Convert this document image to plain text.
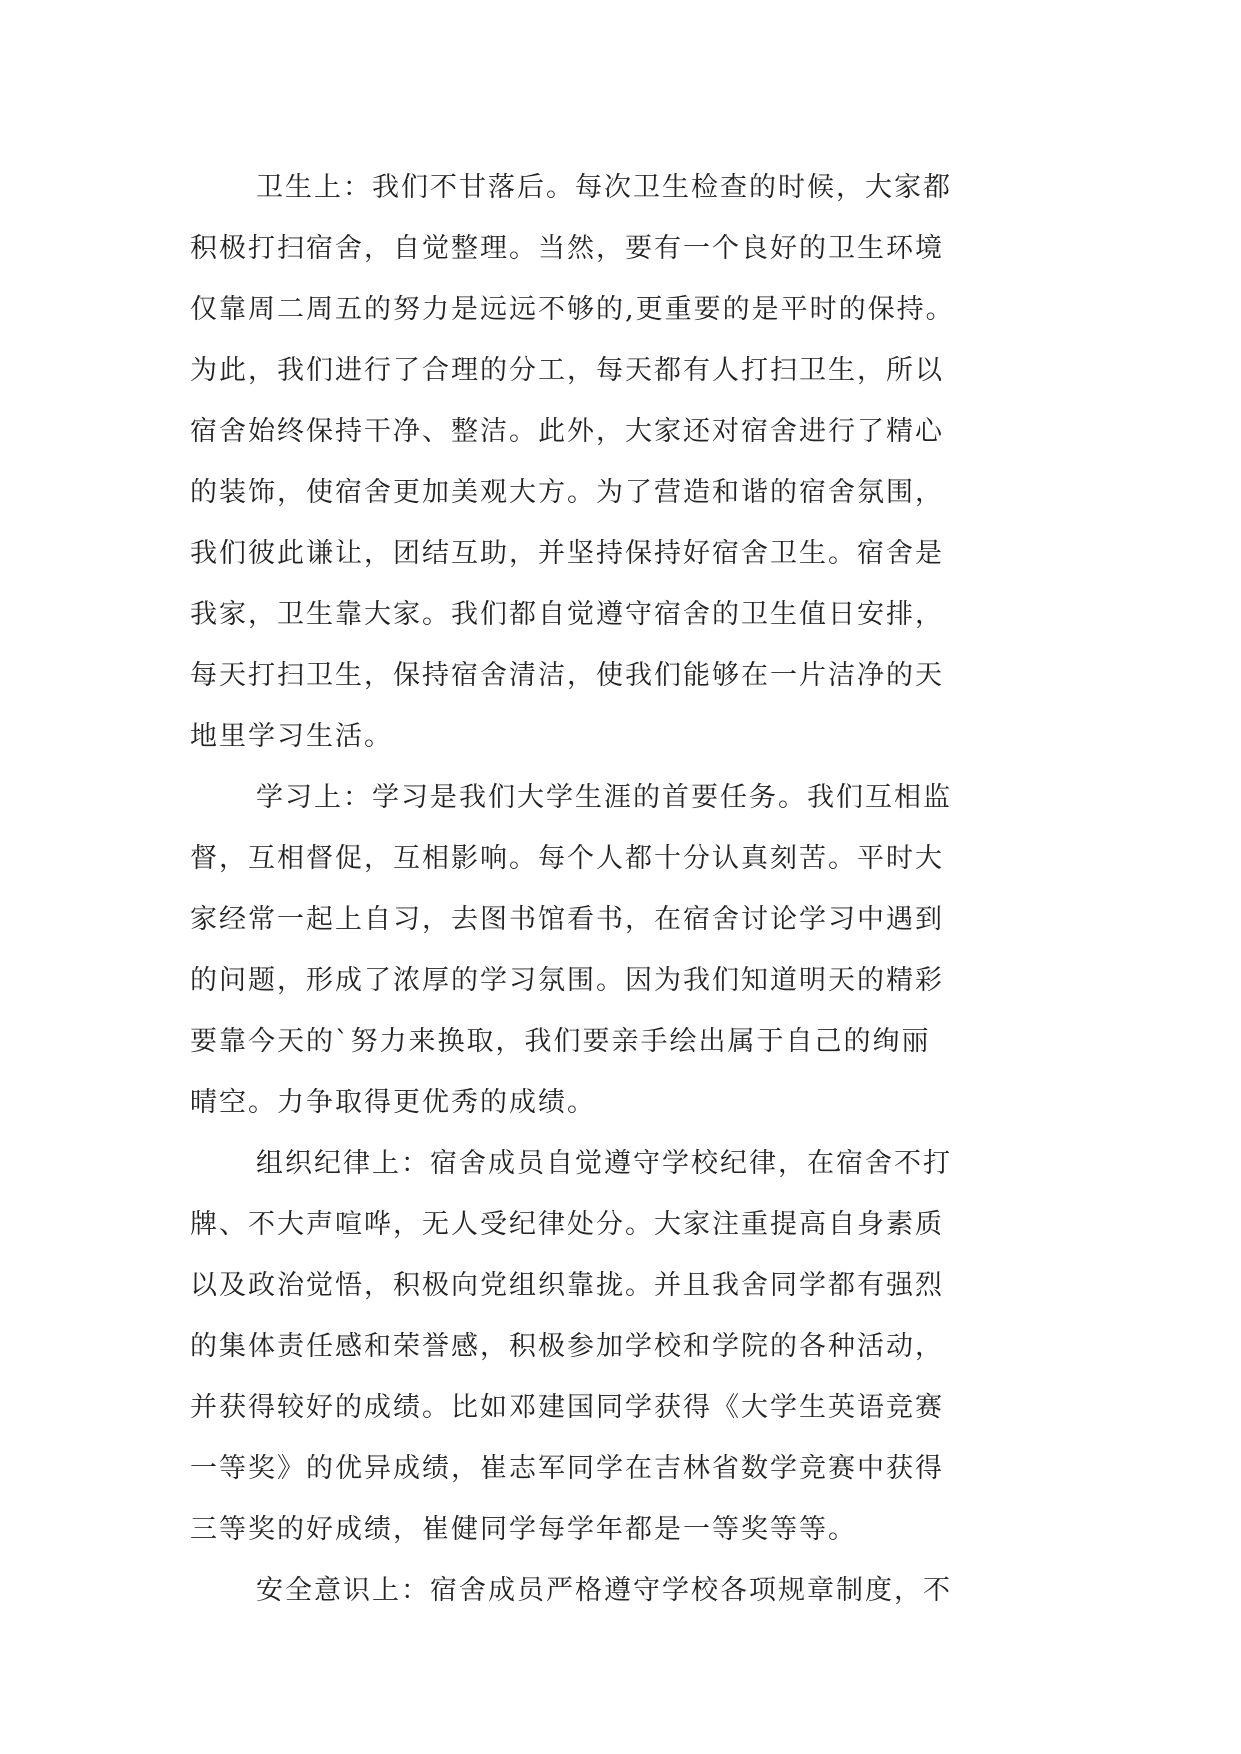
卫生上：我们不甘落后。每次卫生检查的时候，大家都
积极打扫宿舍，自觉整理。当然，要有一个良好的卫生环境
仅靠周二周五的努力是远远不够的,更重要的是平时的保持。
为此，我们进行了合理的分工，每天都有人打扫卫生，所以
宿舍始终保持干净、整洁。此外，大家还对宿舍进行了精心
的装饰，使宿舍更加美观大方。为了营造和谐的宿舍氛围，
我们彼此谦让，团结互助，并坚持保持好宿舍卫生。宿舍是
我家，卫生靠大家。我们都自觉遵守宿舍的卫生值日安排，
每天打扫卫生，保持宿舍清洁，使我们能够在一片洁净的天
地里学习生活。
学习上：学习是我们大学生涯的首要任务。我们互相监
督，互相督促，互相影响。每个人都十分认真刻苦。平时大
家经常一起上自习，去图书馆看书，在宿舍讨论学习中遇到
的问题，形成了浓厚的学习氛围。因为我们知道明天的精彩
要靠今天的`努力来换取，我们要亲手绘出属于自己的绚丽
晴空。力争取得更优秀的成绩。
组织纪律上：宿舍成员自觉遵守学校纪律，在宿舍不打
牌、不大声喧哗，无人受纪律处分。大家注重提高自身素质
以及政治觉悟，积极向党组织靠拢。并且我舍同学都有强烈
的集体责任感和荣誉感，积极参加学校和学院的各种活动，
并获得较好的成绩。比如邓建国同学获得《大学生英语竞赛
一等奖》的优异成绩，崔志军同学在吉林省数学竞赛中获得
三等奖的好成绩，崔健同学每学年都是一等奖等等。
安全意识上：宿舍成员严格遵守学校各项规章制度，不
